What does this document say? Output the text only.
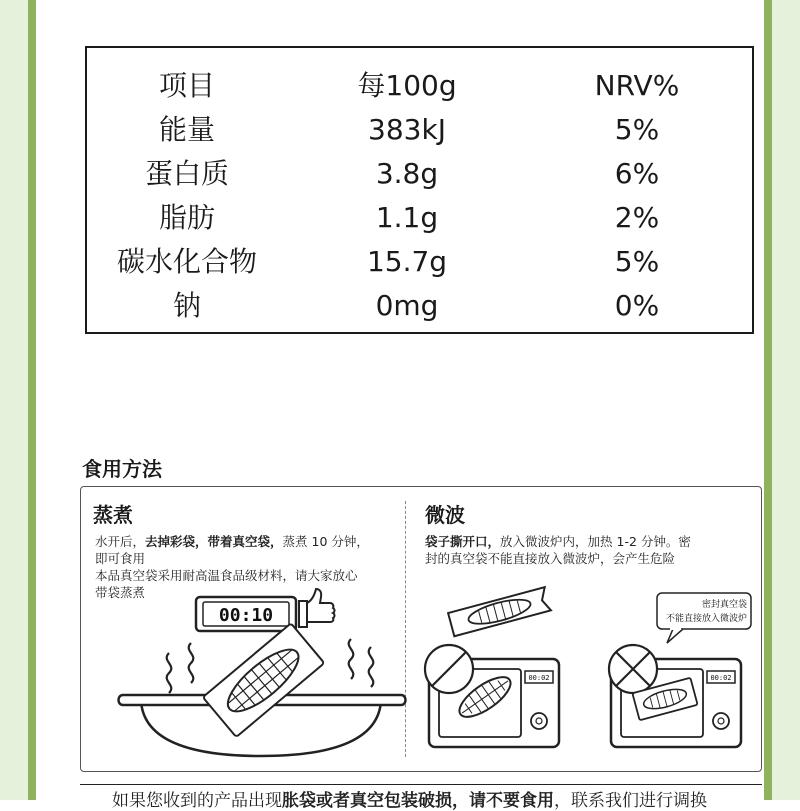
项目	每100g	NRV%
能量	383kJ	5%
蛋白质	3.8g	6%
脂肪	1.1g	2%
碳水化合物	15.7g	5%
钠	0mg	0%
食用方法
蒸煮
水开后，去掉彩袋，带着真空袋，蒸煮 10 分钟，
即可食用
本品真空袋采用耐高温食品级材料，请大家放心
带袋蒸煮
00:10
微波
袋子撕开口，放入微波炉内，加热 1-2 分钟。密
封的真空袋不能直接放入微波炉，会产生危险
00:02	00:02
密封真空袋
不能直接放入微波炉
如果您收到的产品出现胀袋或者真空包装破损，请不要食用，联系我们进行调换
